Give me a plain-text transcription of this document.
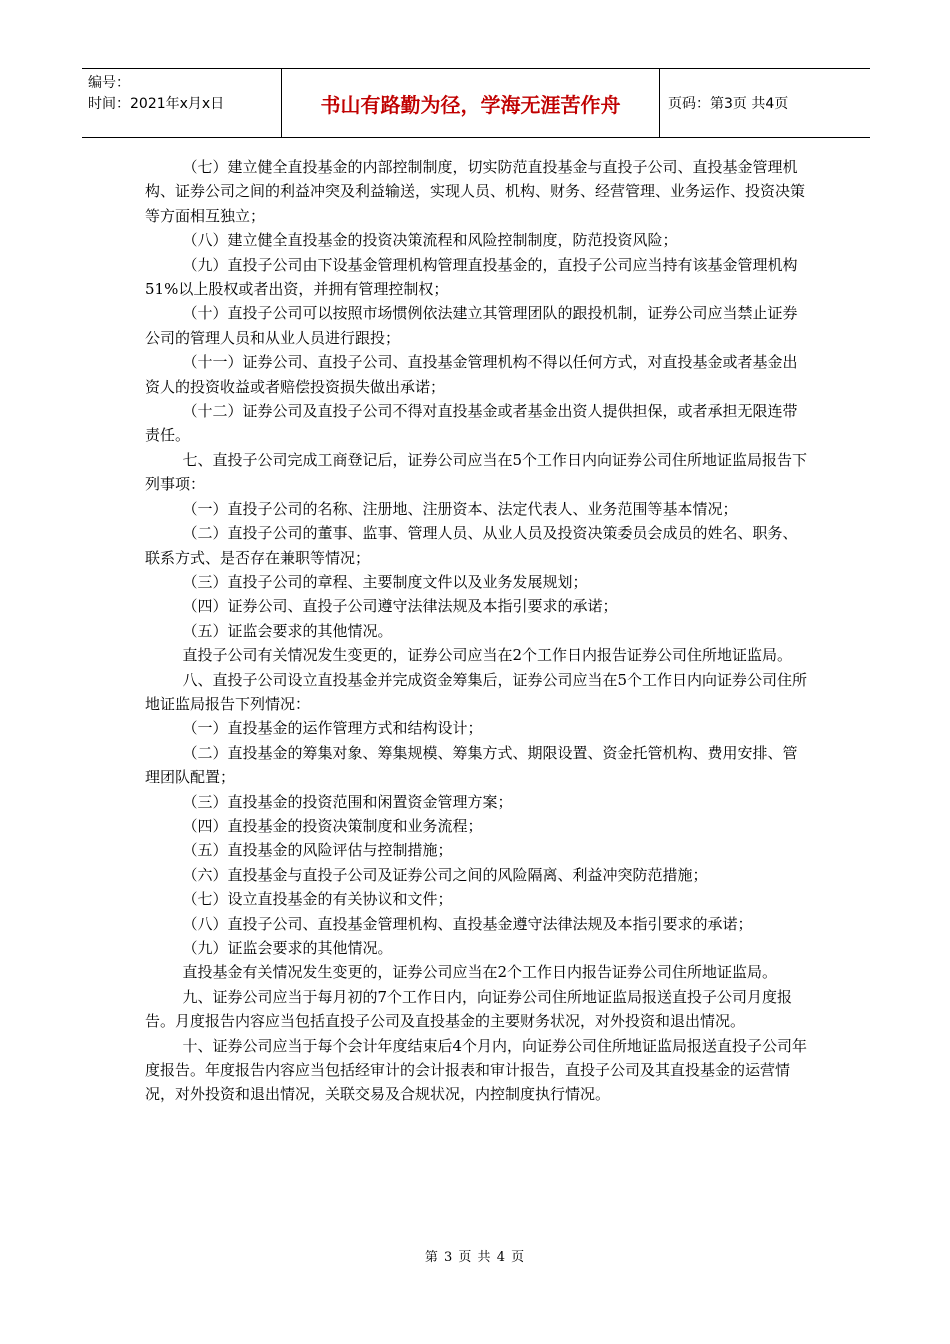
编号：
时间：2021年x月x日	书山有路勤为径，学海无涯苦作舟	页码：第3页 共4页

（七）建立健全直投基金的内部控制制度，切实防范直投基金与直投子公司、直投基金管理机构、证券公司之间的利益冲突及利益输送，实现人员、机构、财务、经营管理、业务运作、投资决策等方面相互独立；

（八）建立健全直投基金的投资决策流程和风险控制制度，防范投资风险；

（九）直投子公司由下设基金管理机构管理直投基金的，直投子公司应当持有该基金管理机构51%以上股权或者出资，并拥有管理控制权；

（十）直投子公司可以按照市场惯例依法建立其管理团队的跟投机制，证券公司应当禁止证券公司的管理人员和从业人员进行跟投；

（十一）证券公司、直投子公司、直投基金管理机构不得以任何方式，对直投基金或者基金出资人的投资收益或者赔偿投资损失做出承诺；

（十二）证券公司及直投子公司不得对直投基金或者基金出资人提供担保，或者承担无限连带责任。

七、直投子公司完成工商登记后，证券公司应当在5个工作日内向证券公司住所地证监局报告下列事项：

（一）直投子公司的名称、注册地、注册资本、法定代表人、业务范围等基本情况；

（二）直投子公司的董事、监事、管理人员、从业人员及投资决策委员会成员的姓名、职务、联系方式、是否存在兼职等情况；

（三）直投子公司的章程、主要制度文件以及业务发展规划；

（四）证券公司、直投子公司遵守法律法规及本指引要求的承诺；

（五）证监会要求的其他情况。

直投子公司有关情况发生变更的，证券公司应当在2个工作日内报告证券公司住所地证监局。

八、直投子公司设立直投基金并完成资金筹集后，证券公司应当在5个工作日内向证券公司住所地证监局报告下列情况：

（一）直投基金的运作管理方式和结构设计；

（二）直投基金的筹集对象、筹集规模、筹集方式、期限设置、资金托管机构、费用安排、管理团队配置；

（三）直投基金的投资范围和闲置资金管理方案；

（四）直投基金的投资决策制度和业务流程；

（五）直投基金的风险评估与控制措施；

（六）直投基金与直投子公司及证券公司之间的风险隔离、利益冲突防范措施；

（七）设立直投基金的有关协议和文件；

（八）直投子公司、直投基金管理机构、直投基金遵守法律法规及本指引要求的承诺；

（九）证监会要求的其他情况。

直投基金有关情况发生变更的，证券公司应当在2个工作日内报告证券公司住所地证监局。

九、证券公司应当于每月初的7个工作日内，向证券公司住所地证监局报送直投子公司月度报告。月度报告内容应当包括直投子公司及直投基金的主要财务状况，对外投资和退出情况。

十、证券公司应当于每个会计年度结束后4个月内，向证券公司住所地证监局报送直投子公司年度报告。年度报告内容应当包括经审计的会计报表和审计报告，直投子公司及其直投基金的运营情况，对外投资和退出情况，关联交易及合规状况，内控制度执行情况。

第 3 页 共 4 页
